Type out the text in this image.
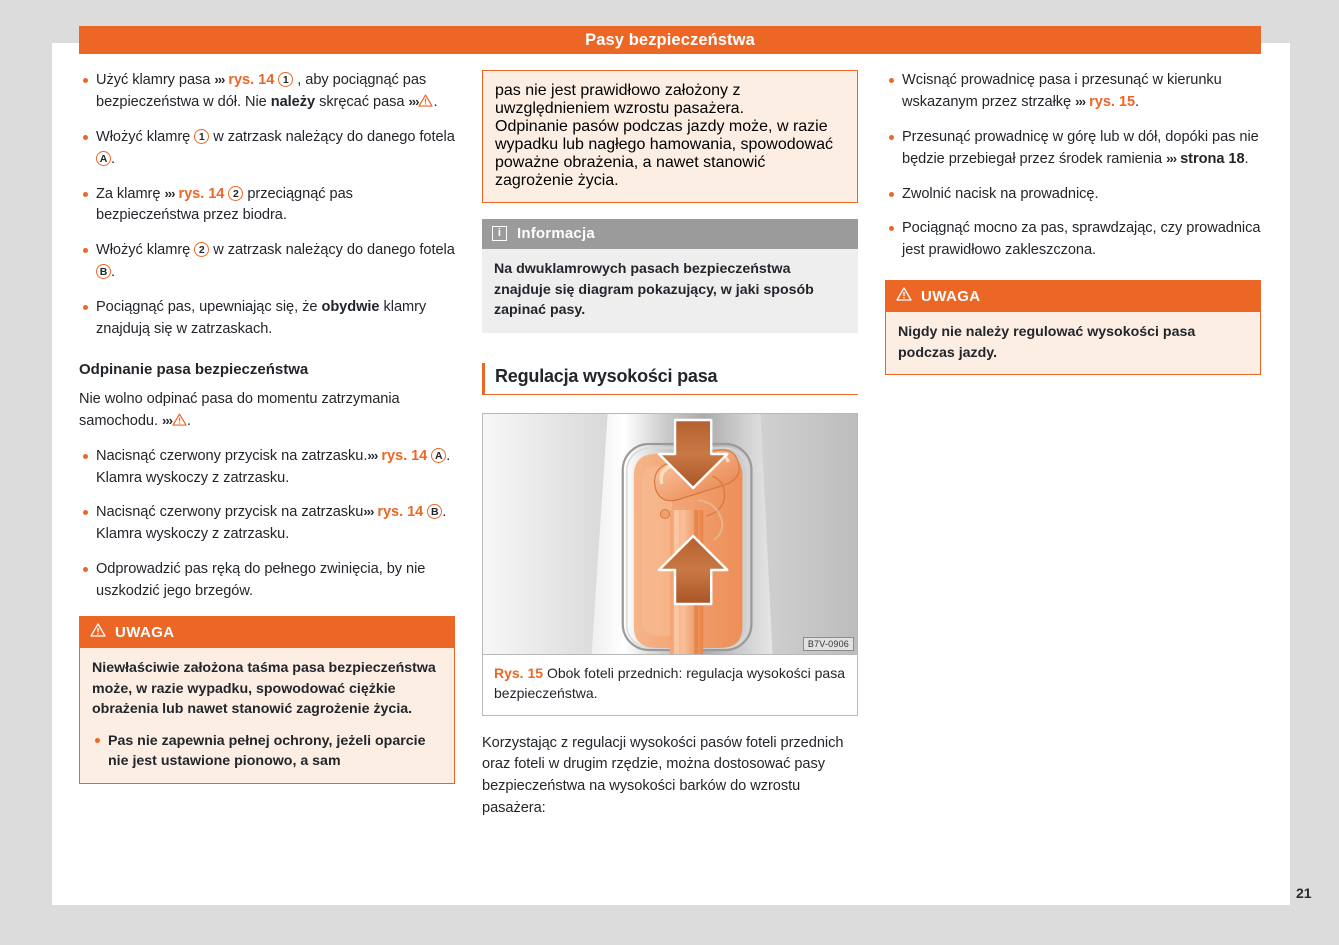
Pasy bezpieczeństwa
21
Użyć klamry pasa ››› rys. 14 1 , aby pociągnąć pas bezpieczeństwa w dół. Nie należy skręcać pasa ››› .
Włożyć klamrę 1 w zatrzask należący do danego fotela A .
Za klamrę ››› rys. 14 2 przeciągnąć pas bezpieczeństwa przez biodra.
Włożyć klamrę 2 w zatrzask należący do danego fotela B .
Pociągnąć pas, upewniając się, że obydwie klamry znajdują się w zatrzaskach.
Odpinanie pasa bezpieczeństwa

Nie wolno odpinać pasa do momentu zatrzymania samochodu. ››› .

Nacisnąć czerwony przycisk na zatrzasku.››› rys. 14 A . Klamra wyskoczy z zatrzasku.
Nacisnąć czerwony przycisk na zatrzasku››› rys. 14 B . Klamra wyskoczy z zatrzasku.
Odprowadzić pas ręką do pełnego zwinięcia, by nie uszkodzić jego brzegów.
UWAGA
Niewłaściwie założona taśma pasa bezpieczeństwa może, w razie wypadku, spowodować ciężkie obrażenia lub nawet stanowić zagrożenie życia.
Pas nie zapewnia pełnej ochrony, jeżeli oparcie nie jest ustawione pionowo, a sam
pas nie jest prawidłowo założony z uwzględnieniem wzrostu pasażera.
Odpinanie pasów podczas jazdy może, w razie wypadku lub nagłego hamowania, spowodować poważne obrażenia, a nawet stanowić zagrożenie życia.
i	Informacja

Na dwuklamrowych pasach bezpieczeństwa znajduje się diagram pokazujący, w jaki sposób zapinać pasy.

Regulacja wysokości pasa
B7V-0906
Rys. 15 Obok foteli przednich: regulacja wysokości pasa bezpieczeństwa.

Korzystając z regulacji wysokości pasów foteli przednich oraz foteli w drugim rzędzie, można dostosować pasy bezpieczeństwa na wysokości barków do wzrostu pasażera:

Wcisnąć prowadnicę pasa i przesunąć w kierunku wskazanym przez strzałkę ››› rys. 15.
Przesunąć prowadnicę w górę lub w dół, dopóki pas nie będzie przebiegał przez środek ramienia ››› strona 18.
Zwolnić nacisk na prowadnicę.
Pociągnąć mocno za pas, sprawdzając, czy prowadnica jest prawidłowo zakleszczona.
UWAGA
Nigdy nie należy regulować wysokości pasa podczas jazdy.
